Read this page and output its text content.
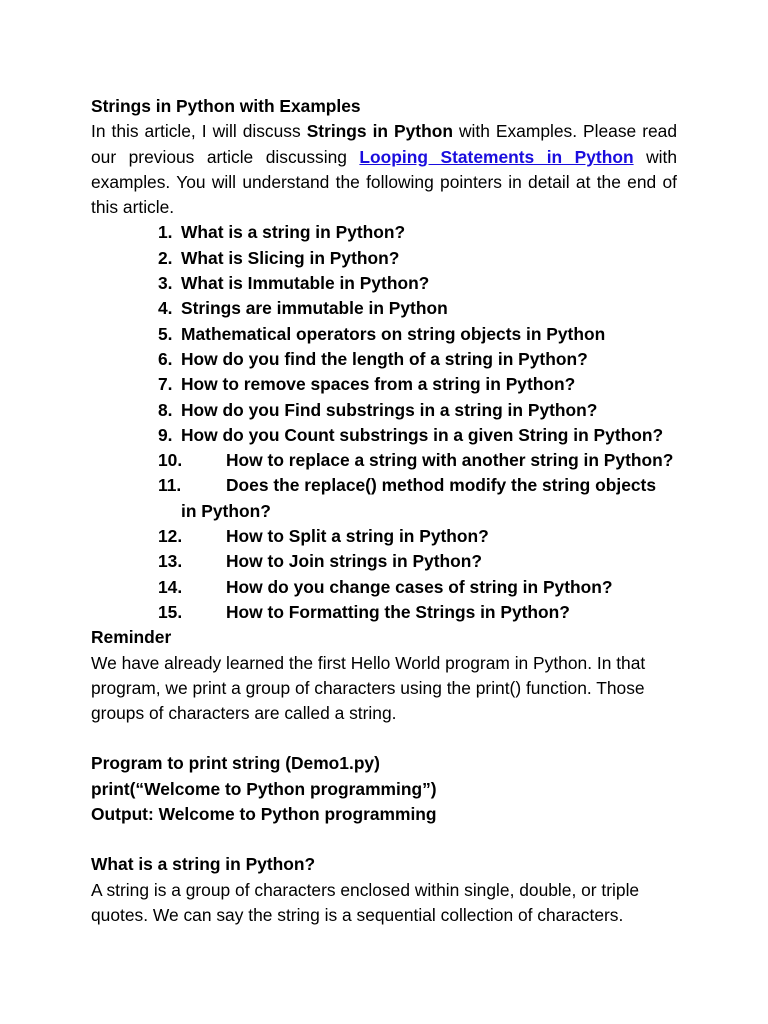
Strings in Python with Examples

In this article, I will discuss Strings in Python with Examples. Please read our previous article discussing Looping Statements in Python with examples. You will understand the following pointers in detail at the end of this article.

1. What is a string in Python?
2. What is Slicing in Python?
3. What is Immutable in Python?
4. Strings are immutable in Python
5. Mathematical operators on string objects in Python
6. How do you find the length of a string in Python?
7. How to remove spaces from a string in Python?
8. How do you Find substrings in a string in Python?
9. How do you Count substrings in a given String in Python?
10.	How to replace a string with another string in Python?
11.	Does the replace() method modify the string objects
in Python?
12.	How to Split a string in Python?
13.	How to Join strings in Python?
14.	How do you change cases of string in Python?
15.	How to Formatting the Strings in Python?

Reminder

We have already learned the first Hello World program in Python. In that program, we print a group of characters using the print() function. Those groups of characters are called a string.

Program to print string (Demo1.py)

print(“Welcome to Python programming”)

Output: Welcome to Python programming

What is a string in Python?

A string is a group of characters enclosed within single, double, or triple quotes. We can say the string is a sequential collection of characters.
